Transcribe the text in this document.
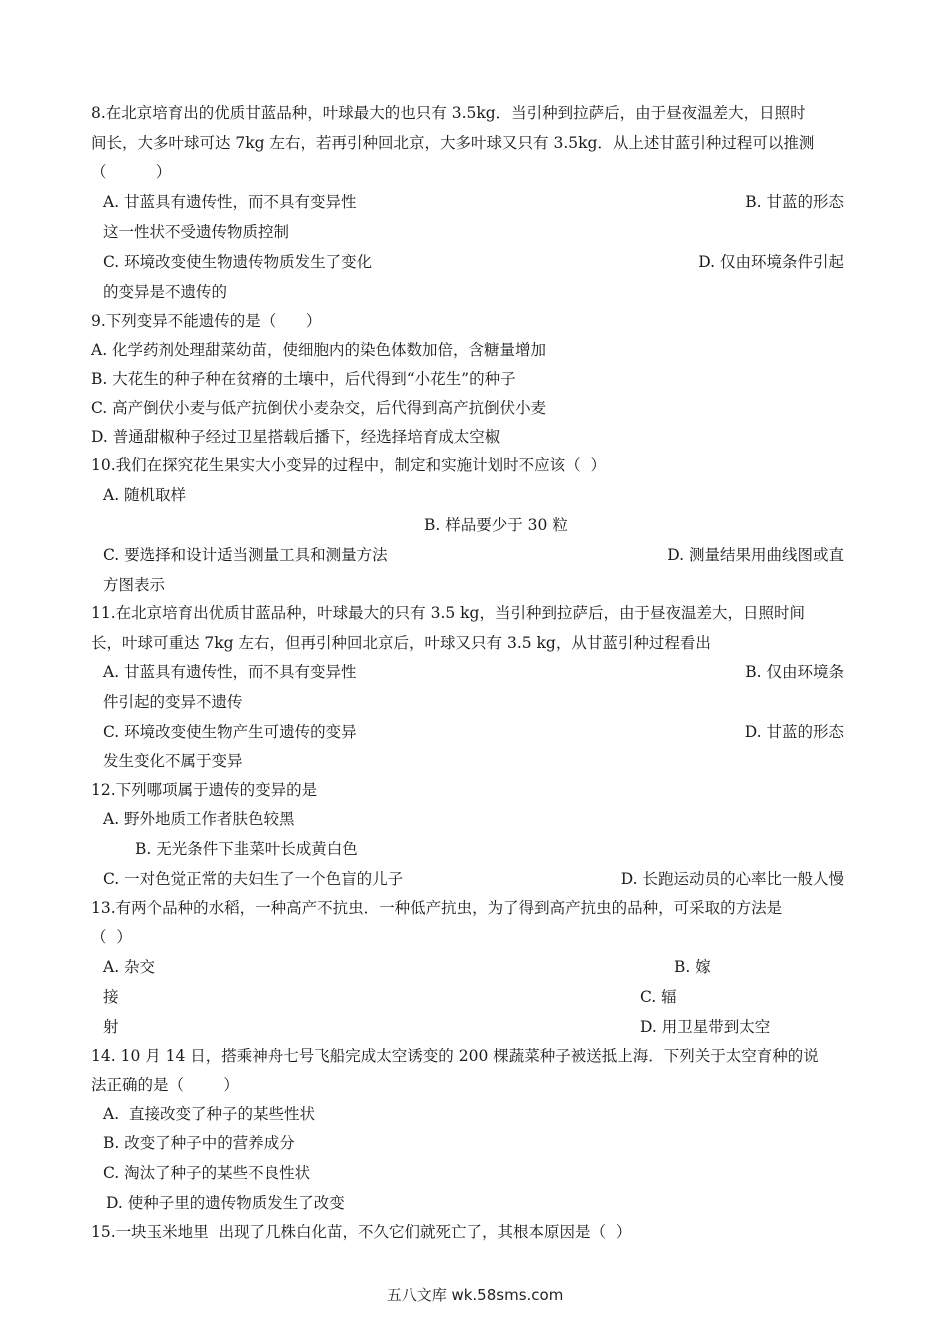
8.在北京培育出的优质甘蓝品种，叶球最大的也只有 3.5kg．当引种到拉萨后，由于昼夜温差大，日照时
间长，大多叶球可达 7kg 左右，若再引种回北京，大多叶球又只有 3.5kg．从上述甘蓝引种过程可以推测
（          ）
A. 甘蓝具有遗传性，而不具有变异性	B. 甘蓝的形态
这一性状不受遗传物质控制
C. 环境改变使生物遗传物质发生了变化	D. 仅由环境条件引起
的变异是不遗传的
9.下列变异不能遗传的是（      ）
A. 化学药剂处理甜菜幼苗，使细胞内的染色体数加倍，含糖量增加
B. 大花生的种子种在贫瘠的土壤中，后代得到“小花生”的种子
C. 高产倒伏小麦与低产抗倒伏小麦杂交，后代得到高产抗倒伏小麦
D. 普通甜椒种子经过卫星搭载后播下，经选择培育成太空椒
10.我们在探究花生果实大小变异的过程中，制定和实施计划时不应该（  ）
A. 随机取样
B. 样品要少于 30 粒
C. 要选择和设计适当测量工具和测量方法	D. 测量结果用曲线图或直
方图表示
11.在北京培育出优质甘蓝品种，叶球最大的只有 3.5 kg，当引种到拉萨后，由于昼夜温差大，日照时间
长，叶球可重达 7kg 左右，但再引种回北京后，叶球又只有 3.5 kg，从甘蓝引种过程看出
A. 甘蓝具有遗传性，而不具有变异性	B. 仅由环境条
件引起的变异不遗传
C. 环境改变使生物产生可遗传的变异	D. 甘蓝的形态
发生变化不属于变异
12.下列哪项属于遗传的变异的是
A. 野外地质工作者肤色较黑
B. 无光条件下韭菜叶长成黄白色
C. 一对色觉正常的夫妇生了一个色盲的儿子	D. 长跑运动员的心率比一般人慢
13.有两个品种的水稻，一种高产不抗虫．一种低产抗虫，为了得到高产抗虫的品种，可采取的方法是
（  ）
A. 杂交	B. 嫁
接	C. 辐
射	D. 用卫星带到太空
14. 10 月 14 日，搭乘神舟七号飞船完成太空诱变的 200 棵蔬菜种子被送抵上海．下列关于太空育种的说
法正确的是（        ）
A.  直接改变了种子的某些性状
B. 改变了种子中的营养成分
C. 淘汰了种子的某些不良性状
D. 使种子里的遗传物质发生了改变
15.一块玉米地里  出现了几株白化苗，不久它们就死亡了，其根本原因是（  ）
五八文库 wk.58sms.com
